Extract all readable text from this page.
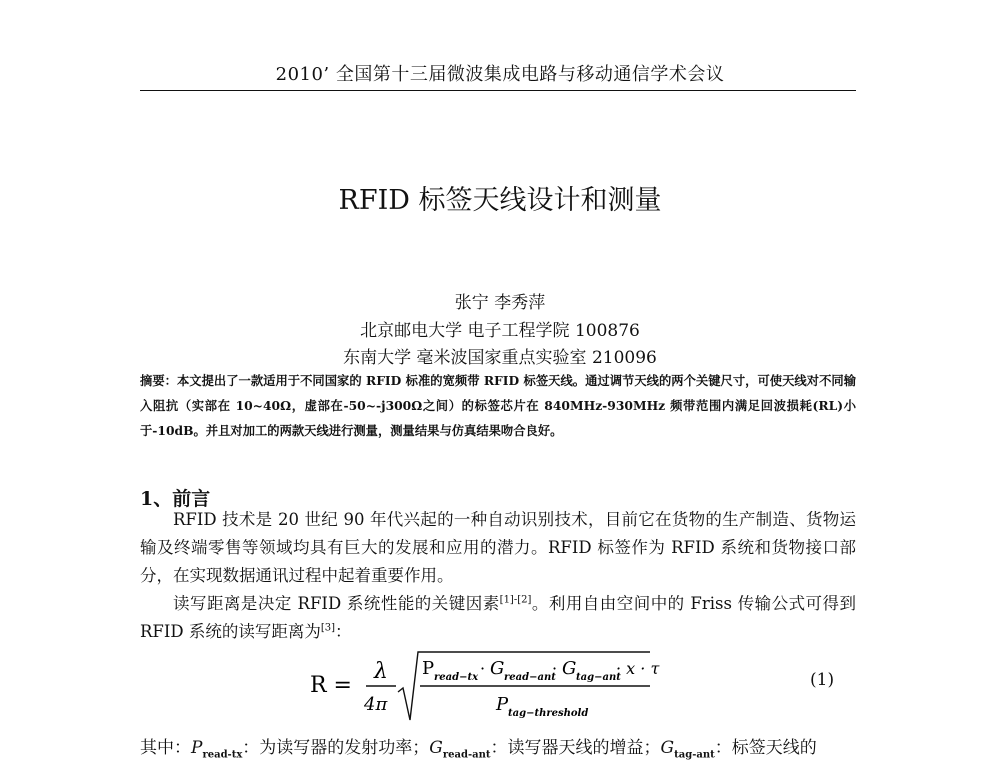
2010’ 全国第十三届微波集成电路与移动通信学术会议
RFID 标签天线设计和测量
张宁 李秀萍
北京邮电大学 电子工程学院 100876
东南大学 毫米波国家重点实验室 210096
摘要：本文提出了一款适用于不同国家的 RFID 标准的宽频带 RFID 标签天线。通过调节天线的两个关键尺寸，可使天线对不同输入阻抗（实部在 10~40Ω，虚部在-50~-j300Ω之间）的标签芯片在 840MHz-930MHz 频带范围内满足回波损耗(RL)小于-10dB。并且对加工的两款天线进行测量，测量结果与仿真结果吻合良好。
1、前言
RFID 技术是 20 世纪 90 年代兴起的一种自动识别技术，目前它在货物的生产制造、货物运输及终端零售等领域均具有巨大的发展和应用的潜力。RFID 标签作为 RFID 系统和货物接口部分，在实现数据通讯过程中起着重要作用。
读写距离是决定 RFID 系统性能的关键因素[1]-[2]。利用自由空间中的 Friss 传输公式可得到 RFID 系统的读写距离为[3]：
R =
λ
4π
P read−tx · G read−ant
· G tag−ant
· x · τ
P tag−threshold
(1)
其中：$P_{read-tx}$：为读写器的发射功率；$G_{read-ant}$：读写器天线的增益；$G_{tag-ant}$：标签天线的
